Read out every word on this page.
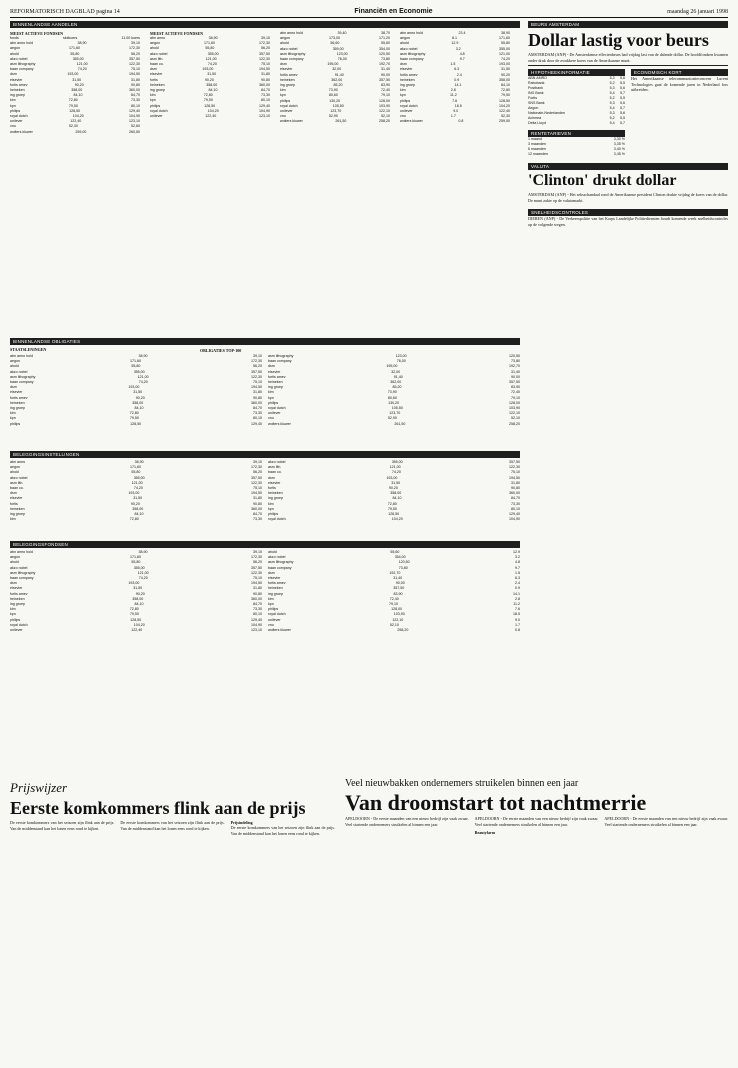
REFORMATORISCH DAGBLAD pagina 14	Financiën en Economie	maandag 26 januari 1998
BINNENLANDSE AANDELEN
MEEST ACTIEVE FONDSEN
fonds	slotkoers	11.00 koers
abn amro hold	38,90	39,10
aegon	171,60	172,30
ahold	55,80	56,20
akzo nobel	355,00	357,50
asm lithography	121,00	122,30
baan company	74,20	75,10
dsm	193,00	194,50
elsevier	31,50	31,80
fortis amev	90,20	90,80
heineken	358,00	360,00
ing groep	84,10	84,70
klm	72,80	73,30
kpn	79,50	80,10
philips	128,50	129,40
royal dutch	104,20	104,90
unilever	122,40	123,10
vnu	52,30	52,60
wolters kluwer	259,00	260,50
MEEST ACTIEVE FONDSEN
abn amro	38,90	39,10
aegon	171,60	172,30
ahold	55,80	56,20
akzo nobel	355,00	357,50
asm lith.	121,00	122,30
baan co.	74,20	75,10
dsm	193,00	194,50
elsevier	31,50	31,80
fortis	90,20	90,80
heineken	358,00	360,00
ing groep	84,10	84,70
klm	72,80	73,30
kpn	79,50	80,10
philips	128,50	129,40
royal dutch	104,20	104,90
unilever	122,40	123,10
abn amro hold	39,40	38,70
aegon	173,00	171,20
ahold	56,60	55,60
akzo nobel	359,00	354,00
asm lithography	123,00	120,50
baan company	76,00	73,80
dsm	195,00	192,70
elsevier	32,00	31,40
fortis amev	91,40	90,00
heineken	362,00	357,50
ing groep	85,20	83,90
klm	73,90	72,40
kpn	80,60	79,10
philips	130,20	128,00
royal dutch	105,50	103,90
unilever	123,70	122,10
vnu	52,90	52,10
wolters kluwer	261,50	258,20
abn amro hold	23.4	38,90
aegon	8.1	171,60
ahold	12.9	55,80
akzo nobel	3.2	355,00
asm lithography	4.8	121,00
baan company	9.7	74,20
dsm	1.5	193,00
elsevier	6.3	31,50
fortis amev	2.4	90,20
heineken	0.9	358,00
ing groep	14.1	84,10
klm	2.8	72,80
kpn	11.2	79,50
philips	7.6	128,50
royal dutch	18.5	104,20
unilever	9.0	122,40
vnu	1.7	52,30
wolters kluwer	0.8	259,00
BINNENLANDSE OBLIGATIES
STAATSLENINGEN	OBLIGATIES TOP-100
abn amro hold	38,90	39,10
aegon	171,60	172,30
ahold	55,80	56,20
akzo nobel	355,00	357,50
asm lithography	121,00	122,30
baan company	74,20	75,10
dsm	193,00	194,50
elsevier	31,50	31,80
fortis amev	90,20	90,80
heineken	358,00	360,00
ing groep	84,10	84,70
klm	72,80	73,30
kpn	79,50	80,10
philips	128,50	129,40
asm lithography	123,00	120,50
baan company	76,00	73,80
dsm	195,00	192,70
elsevier	32,00	31,40
fortis amev	91,40	90,00
heineken	362,00	357,50
ing groep	85,20	83,90
klm	73,90	72,40
kpn	80,60	79,10
philips	130,20	128,00
royal dutch	105,50	103,90
unilever	123,70	122,10
vnu	52,90	52,10
wolters kluwer	261,50	258,20
BELEGGINGSINSTELLINGEN
abn amro	38,90	39,10
aegon	171,60	172,30
ahold	55,80	56,20
akzo nobel	355,00	357,50
asm lith.	121,00	122,30
baan co.	74,20	75,10
dsm	193,00	194,50
elsevier	31,50	31,80
fortis	90,20	90,80
heineken	358,00	360,00
ing groep	84,10	84,70
klm	72,80	73,30
akzo nobel	355,00	357,50
asm lith.	121,00	122,30
baan co.	74,20	75,10
dsm	193,00	194,50
elsevier	31,50	31,80
fortis	90,20	90,80
heineken	358,00	360,00
ing groep	84,10	84,70
klm	72,80	73,30
kpn	79,50	80,10
philips	128,50	129,40
royal dutch	104,20	104,90
BELEGGINGSFONDSEN
abn amro hold	38,90	39,10
aegon	171,60	172,30
ahold	55,80	56,20
akzo nobel	355,00	357,50
asm lithography	121,00	122,30
baan company	74,20	75,10
dsm	193,00	194,50
elsevier	31,50	31,80
fortis amev	90,20	90,80
heineken	358,00	360,00
ing groep	84,10	84,70
klm	72,80	73,30
kpn	79,50	80,10
philips	128,50	129,40
royal dutch	104,20	104,90
unilever	122,40	123,10
ahold	55,60	12.9
akzo nobel	354,00	3.2
asm lithography	120,50	4.8
baan company	73,80	9.7
dsm	192,70	1.5
elsevier	31,40	6.3
fortis amev	90,00	2.4
heineken	357,50	0.9
ing groep	83,90	14.1
klm	72,40	2.8
kpn	79,10	11.2
philips	128,00	7.6
royal dutch	103,90	18.5
unilever	122,10	9.0
vnu	52,10	1.7
wolters kluwer	258,20	0.8
BEURS AMSTERDAM
Dollar lastig voor beurs
AMSTERDAM (ANP) - De Amsterdamse effectenbeurs had vrijdag last van de dalende dollar. De hoofdfondsen kwamen onder druk door de zwakkere koers van de Amerikaanse munt.
HYPOTHEEKINFORMATIE
ABN AMRO	5,3	5,6
Rabobank	5,2	5,5
Postbank	5,3	5,6
ING Bank	5,4	5,7
Fortis	5,2	5,5
SNS Bank	5,3	5,6
Aegon	5,4	5,7
Nationale-Nederlanden	5,3	5,6
Achmea	5,2	5,5
Delta Lloyd	5,4	5,7
RENTETARIEVEN
1 maand	3,30 %
3 maanden	3,35 %
6 maanden	3,40 %
12 maanden	3,45 %
ECONOMISCH KORT
Het Amerikaanse telecommunicatieconcern Lucent Technologies gaat de komende jaren in Nederland fors uitbreiden.
VALUTA
'Clinton' drukt dollar
AMSTERDAM (ANP) - Het seksschandaal rond de Amerikaanse president Clinton drukte vrijdag de koers van de dollar. De munt zakte op de valutamarkt.
SNELHEIDSCONTROLES
DIEREN (ANP) - De Verkeerspolitie van het Korps Landelijke Politiediensten houdt komende week snelheidscontroles op de volgende wegen.
Prijswijzer
Eerste komkommers flink aan de prijs
De eerste komkommers van het seizoen zijn flink aan de prijs. Van de middenstand kan het lonen eens rond te kijken.
De eerste komkommers van het seizoen zijn flink aan de prijs. Van de middenstand kan het lonen eens rond te kijken.
Prijsindeling
De eerste komkommers van het seizoen zijn flink aan de prijs. Van de middenstand kan het lonen eens rond te kijken.
Veel nieuwbakken ondernemers struikelen binnen een jaar
Van droomstart tot nachtmerrie
APELDOORN - De eerste maanden van een nieuw bedrijf zijn vaak zwaar. Veel startende ondernemers struikelen al binnen een jaar.
APELDOORN - De eerste maanden van een nieuw bedrijf zijn vaak zwaar. Veel startende ondernemers struikelen al binnen een jaar.
Beautyfarm
APELDOORN - De eerste maanden van een nieuw bedrijf zijn vaak zwaar. Veel startende ondernemers struikelen al binnen een jaar.
